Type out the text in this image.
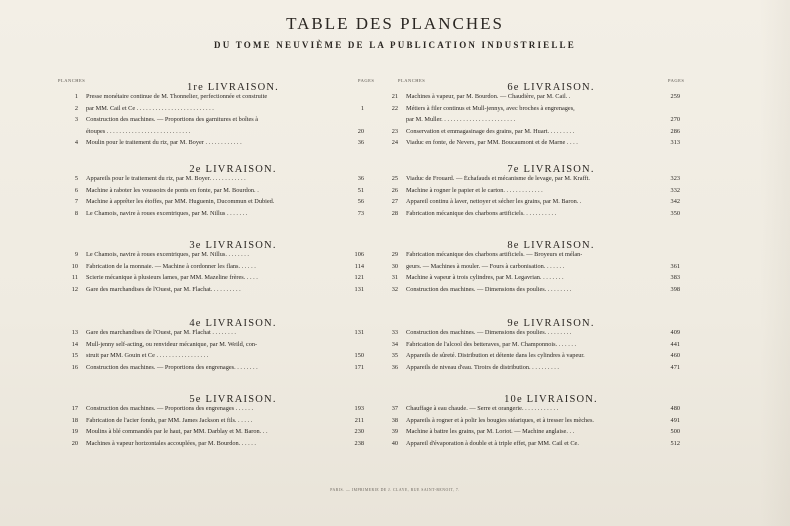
TABLE DES PLANCHES
DU TOME NEUVIÈME DE LA PUBLICATION INDUSTRIELLE
PLANCHES	PAGES
1re LIVRAISON.
1 Presse monétaire continue de M. Thonnelier, perfectionnée et construite
2 par MM. Cail et Ce . . . . . . . . . . . . . . . . . . . . . . . . .	1
3 Construction des machines. — Proportions des garnitures et boîtes à
étoupes . . . . . . . . . . . . . . . . . . . . . . . . . . .	20
4 Moulin pour le traitement du riz, par M. Boyer . . . . . . . . . . . .	36
2e LIVRAISON.
5 Appareils pour le traitement du riz, par M. Boyer. . . . . . . . . . . .	36
6 Machine à raboter les voussoirs de ponts en fonte, par M. Bourdon. .	51
7 Machine à apprêter les étoffes, par MM. Huguenin, Ducommun et Dubied.	56
8 Le Chamois, navire à roues excentriques, par M. Nillus . . . . . . .	73
3e LIVRAISON.
9 Le Chamois, navire à roues excentriques, par M. Nillus. . . . . . . .	106
10 Fabrication de la monnaie. — Machine à cordonner les flans. . . . . .	114
11 Scierie mécanique à plusieurs lames, par MM. Mazeline frères. . . . .	121
12 Gare des marchandises de l'Ouest, par M. Flachat. . . . . . . . . .	131
4e LIVRAISON.
13 Gare des marchandises de l'Ouest, par M. Flachat . . . . . . . .	131
14 Mull-jenny self-acting, ou renvideur mécanique, par M. Weild, con-
15 struit par MM. Gouin et Ce . . . . . . . . . . . . . . . . .	150
16 Construction des machines. — Proportions des engrenages. . . . . . . .	171
5e LIVRAISON.
17 Construction des machines. — Proportions des engrenages . . . . . .	193
18 Fabrication de l'acier fondu, par MM. James Jackson et fils. . . . . .	211
19 Moulins à blé commandés par le haut, par MM. Darblay et M. Baron. . .	230
20 Machines à vapeur horizontales accouplées, par M. Bourdon. . . . . .	238
PLANCHES	PAGES
6e LIVRAISON.
21 Machines à vapeur, par M. Bourdon. — Chaudière, par M. Cail. .	259
22 Métiers à filer continus et Mull-jennys, avec broches à engrenages,
par M. Muller. . . . . . . . . . . . . . . . . . . . . . . .	270
23 Conservation et emmagasinage des grains, par M. Huart. . . . . . . . .	286
24 Viaduc en fonte, de Nevers, par MM. Boucaumont et de Marne . . . .	313
7e LIVRAISON.
25 Viaduc de Frouard. — Échafauds et mécanisme de levage, par M. Krafft.	323
26 Machine à rogner le papier et le carton. . . . . . . . . . . . .	332
27 Appareil continu à laver, nettoyer et sécher les grains, par M. Baron. .	342
28 Fabrication mécanique des charbons artificiels. . . . . . . . . . .	350
8e LIVRAISON.
29 Fabrication mécanique des charbons artificiels. — Broyeurs et mélan-
30 geurs. — Machines à mouler. — Fours à carbonisation. . . . . . .	361
31 Machine à vapeur à trois cylindres, par M. Legavrian. . . . . . . .	383
32 Construction des machines. — Dimensions des poulies. . . . . . . . .	398
9e LIVRAISON.
33 Construction des machines. — Dimensions des poulies. . . . . . . . .	409
34 Fabrication de l'alcool des betteraves, par M. Champonnois. . . . . . .	441
35 Appareils de sûreté. Distribution et détente dans les cylindres à vapeur.	460
36 Appareils de niveau d'eau. Tiroirs de distribution. . . . . . . . . .	471
10e LIVRAISON.
37 Chauffage à eau chaude. — Serre et orangerie. . . . . . . . . . . .	480
38 Appareils à rogner et à polir les bougies stéariques, et à tresser les mèches.	491
39 Machine à battre les grains, par M. Loriot. — Machine anglaise. . .	500
40 Appareil d'évaporation à double et à triple effet, par MM. Cail et Ce.	512
PARIS. — IMPRIMERIE DE J. CLAYE, RUE SAINT-BENOIT, 7.
